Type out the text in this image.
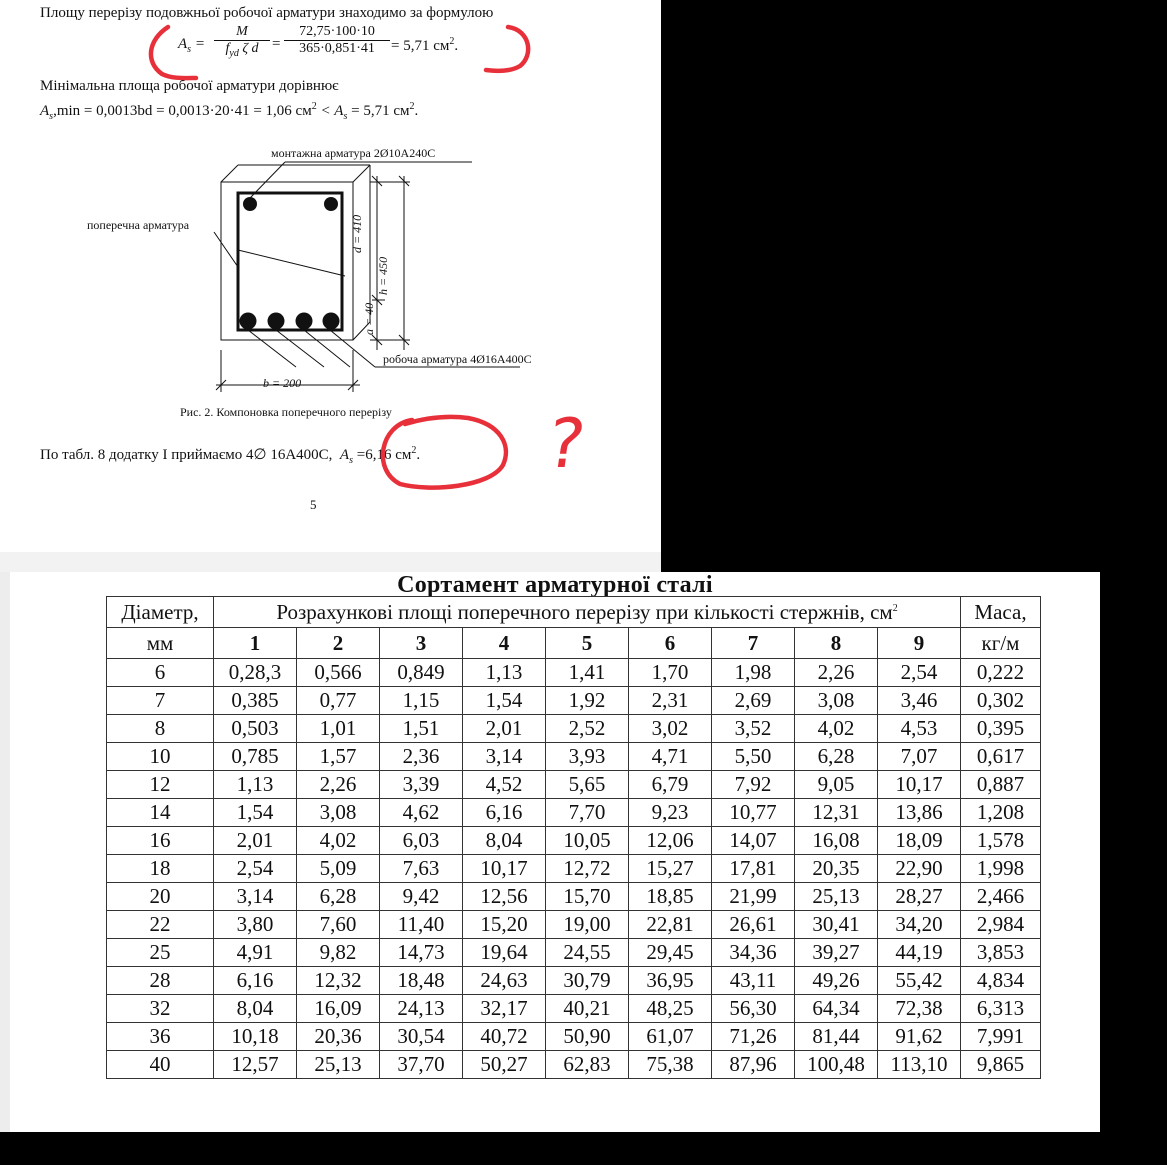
Площу перерізу подовжньої робочої арматури знаходимо за формулою
$A_s$ =
M
$f_{yd}$ ζ d =
72,75·100·10
365·0,851·41	= 5,71 $см^2$.
Мінімальна площа робочої арматури дорівнює
$A_s,\min = 0,0013bd = 0,0013\cdot 20\cdot 41 = 1,06$ $см^2 < A_s = 5,71$ $см^2$.
монтажна арматура 2Ø10А240С
поперечна арматура
робоча арматура 4Ø16А400С
d = 410
h = 450
a = 40
b = 200
Рис. 2. Компоновка поперечного перерізу
По табл. 8 додатку I приймаємо 4∅ 16А400С,  $A_s =6,16$ $см^2$.
5
?
Сортамент арматурної сталі
Діаметр,	Розрахункові площі поперечного перерізу при кількості стержнів, $см^2$									Маса,
мм	1	2	3	4	5	6	7	8	9	кг/м
6	0,28,3	0,566	0,849	1,13	1,41	1,70	1,98	2,26	2,54	0,222
7	0,385	0,77	1,15	1,54	1,92	2,31	2,69	3,08	3,46	0,302
8	0,503	1,01	1,51	2,01	2,52	3,02	3,52	4,02	4,53	0,395
10	0,785	1,57	2,36	3,14	3,93	4,71	5,50	6,28	7,07	0,617
12	1,13	2,26	3,39	4,52	5,65	6,79	7,92	9,05	10,17	0,887
14	1,54	3,08	4,62	6,16	7,70	9,23	10,77	12,31	13,86	1,208
16	2,01	4,02	6,03	8,04	10,05	12,06	14,07	16,08	18,09	1,578
18	2,54	5,09	7,63	10,17	12,72	15,27	17,81	20,35	22,90	1,998
20	3,14	6,28	9,42	12,56	15,70	18,85	21,99	25,13	28,27	2,466
22	3,80	7,60	11,40	15,20	19,00	22,81	26,61	30,41	34,20	2,984
25	4,91	9,82	14,73	19,64	24,55	29,45	34,36	39,27	44,19	3,853
28	6,16	12,32	18,48	24,63	30,79	36,95	43,11	49,26	55,42	4,834
32	8,04	16,09	24,13	32,17	40,21	48,25	56,30	64,34	72,38	6,313
36	10,18	20,36	30,54	40,72	50,90	61,07	71,26	81,44	91,62	7,991
40	12,57	25,13	37,70	50,27	62,83	75,38	87,96	100,48	113,10	9,865
